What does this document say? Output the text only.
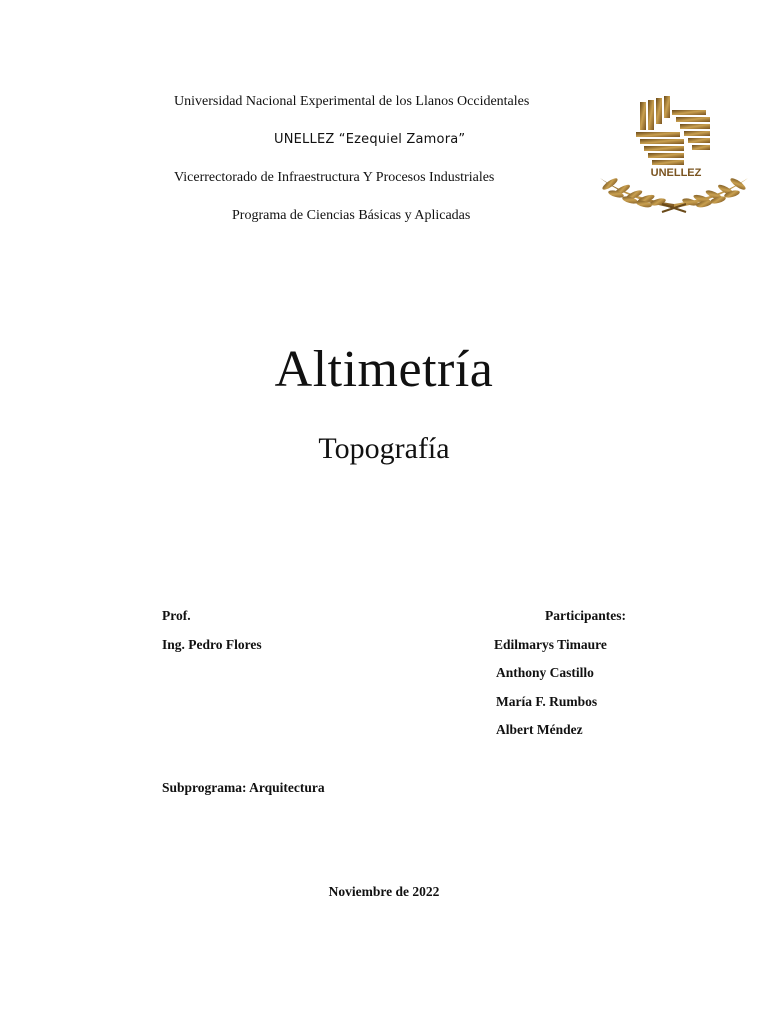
Universidad Nacional Experimental de los Llanos Occidentales
UNELLEZ “Ezequiel Zamora”
Vicerrectorado de Infraestructura Y Procesos Industriales
Programa de Ciencias Básicas y Aplicadas
UNELLEZ
Altimetría
Topografía
Prof.
Ing. Pedro Flores
Participantes:
Edilmarys Timaure
Anthony Castillo
María F. Rumbos
Albert Méndez
Subprograma: Arquitectura
Noviembre de 2022
